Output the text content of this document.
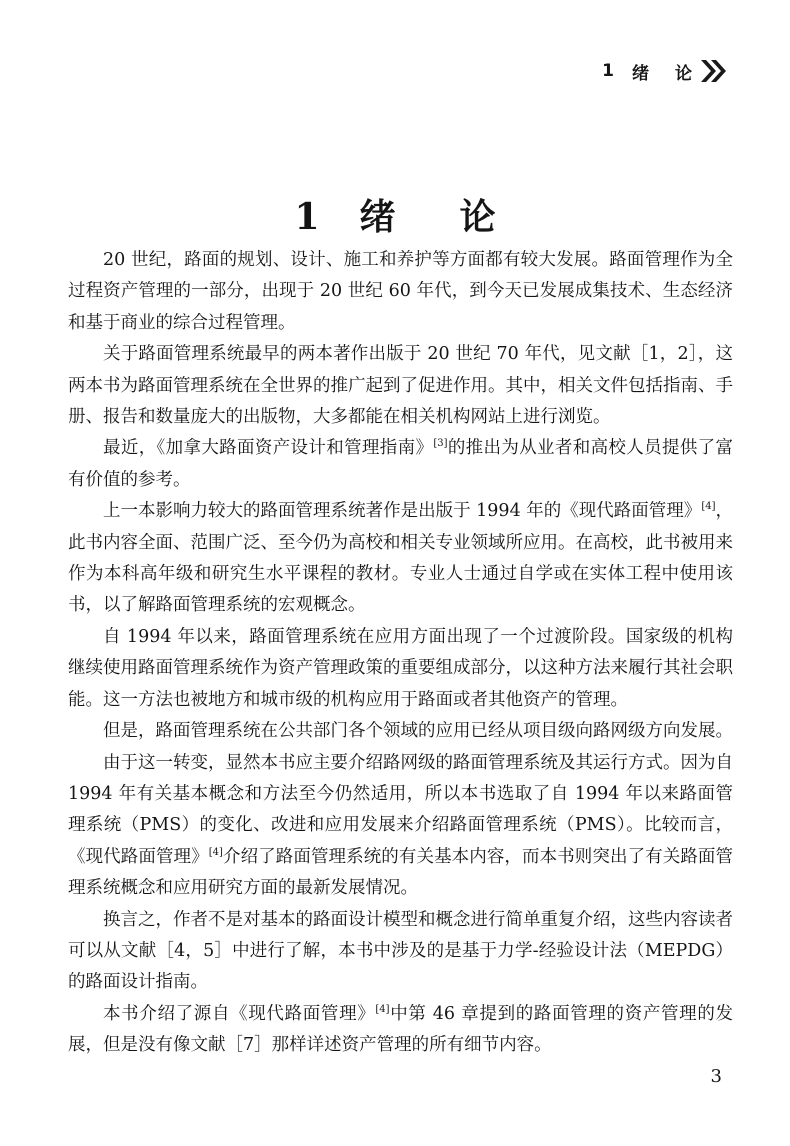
1 绪 论
1 绪 论

20 世纪，路面的规划、设计、施工和养护等方面都有较大发展。路面管理作为全过程资产管理的一部分，出现于 20 世纪 60 年代，到今天已发展成集技术、生态经济和基于商业的综合过程管理。

关于路面管理系统最早的两本著作出版于 20 世纪 70 年代，见文献［1，2］，这两本书为路面管理系统在全世界的推广起到了促进作用。其中，相关文件包括指南、手册、报告和数量庞大的出版物，大多都能在相关机构网站上进行浏览。

最近，《加拿大路面资产设计和管理指南》[3]的推出为从业者和高校人员提供了富有价值的参考。

上一本影响力较大的路面管理系统著作是出版于 1994 年的《现代路面管理》[4]，此书内容全面、范围广泛、至今仍为高校和相关专业领域所应用。在高校，此书被用来作为本科高年级和研究生水平课程的教材。专业人士通过自学或在实体工程中使用该书，以了解路面管理系统的宏观概念。

自 1994 年以来，路面管理系统在应用方面出现了一个过渡阶段。国家级的机构继续使用路面管理系统作为资产管理政策的重要组成部分，以这种方法来履行其社会职能。这一方法也被地方和城市级的机构应用于路面或者其他资产的管理。

但是，路面管理系统在公共部门各个领域的应用已经从项目级向路网级方向发展。

由于这一转变，显然本书应主要介绍路网级的路面管理系统及其运行方式。因为自 1994 年有关基本概念和方法至今仍然适用，所以本书选取了自 1994 年以来路面管理系统（PMS）的变化、改进和应用发展来介绍路面管理系统（PMS）。比较而言，《现代路面管理》[4]介绍了路面管理系统的有关基本内容，而本书则突出了有关路面管理系统概念和应用研究方面的最新发展情况。

换言之，作者不是对基本的路面设计模型和概念进行简单重复介绍，这些内容读者可以从文献［4，5］中进行了解，本书中涉及的是基于力学-经验设计法（MEPDG）的路面设计指南。

本书介绍了源自《现代路面管理》[4]中第 46 章提到的路面管理的资产管理的发展，但是没有像文献［7］那样详述资产管理的所有细节内容。

3
